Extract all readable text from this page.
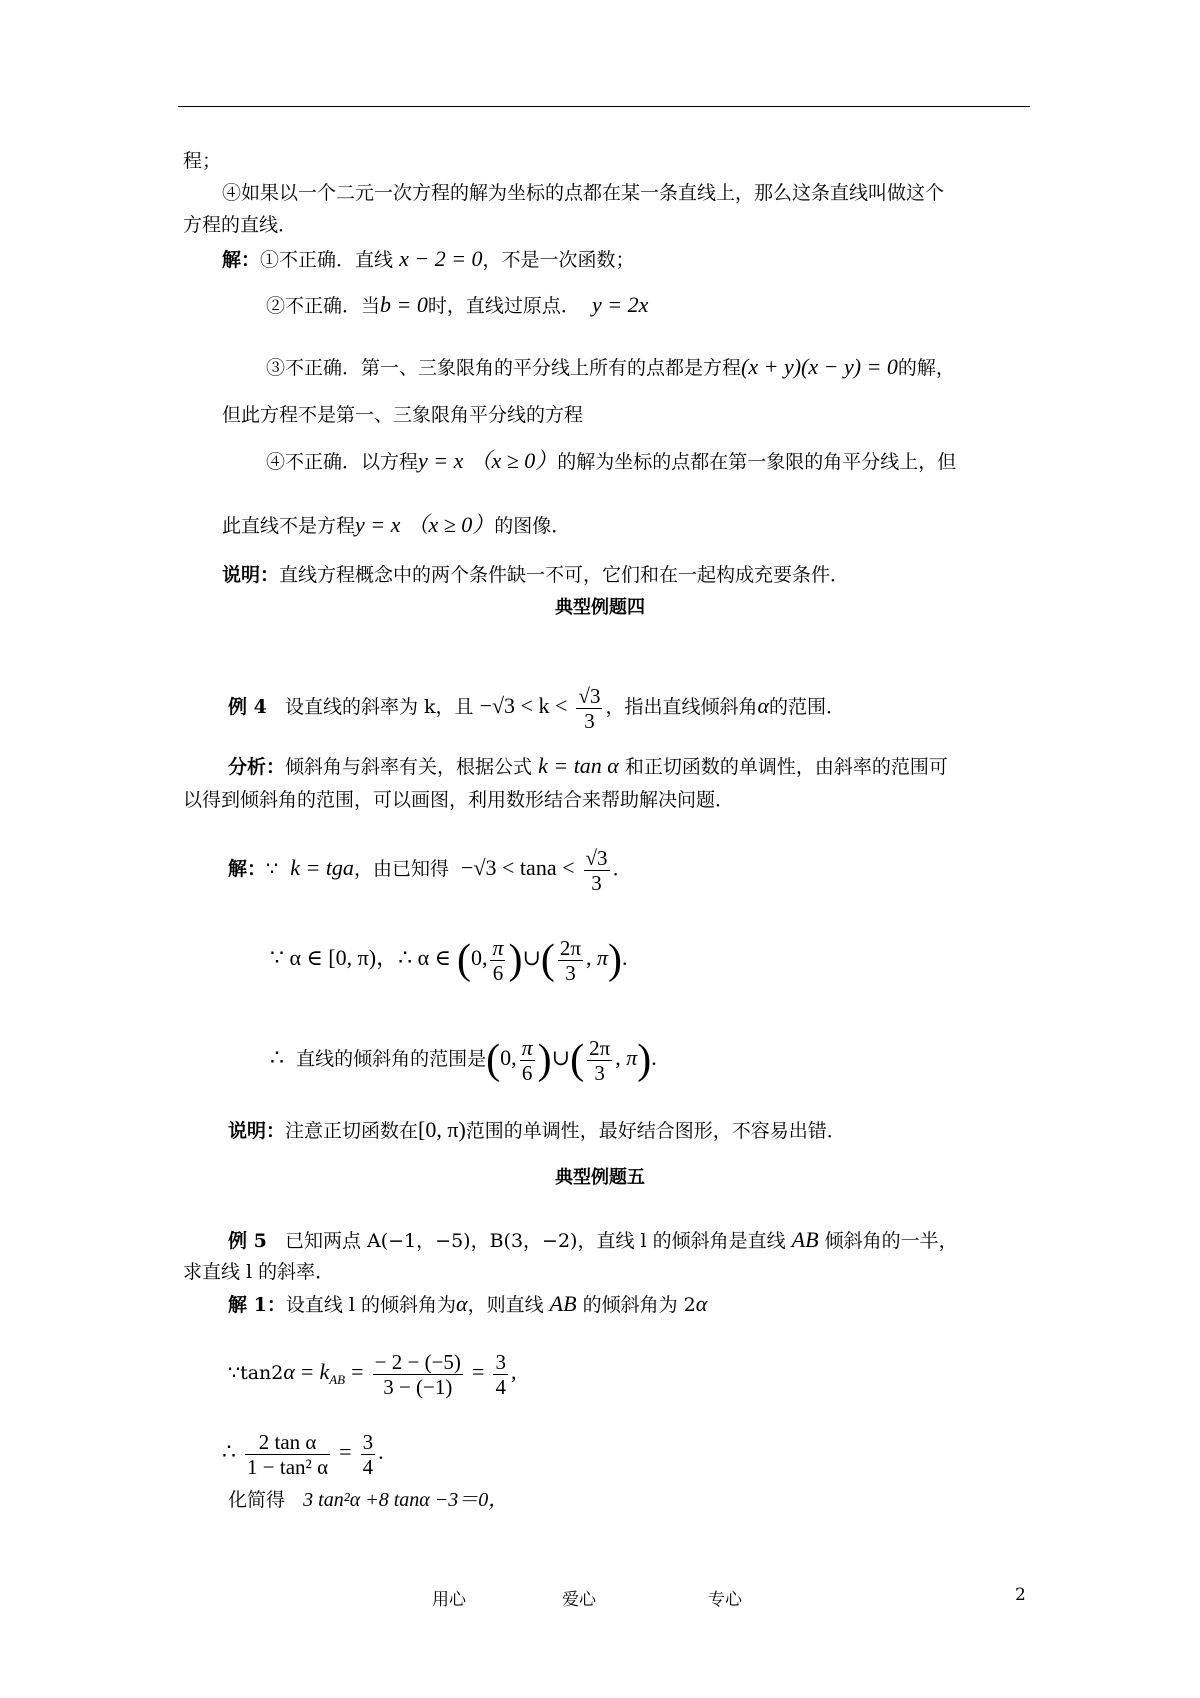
程；
④如果以一个二元一次方程的解为坐标的点都在某一条直线上，那么这条直线叫做这个
方程的直线．
解：①不正确．直线 x − 2 = 0，不是一次函数；
②不正确．当b = 0时，直线过原点． y = 2x
③不正确．第一、三象限角的平分线上所有的点都是方程(x + y)(x − y) = 0的解，
但此方程不是第一、三象限角平分线的方程
④不正确．以方程y = x （x ≥ 0）的解为坐标的点都在第一象限的角平分线上，但
此直线不是方程y = x （x ≥ 0）的图像．
说明：直线方程概念中的两个条件缺一不可，它们和在一起构成充要条件．
典型例题四
例 4 设直线的斜率为 k，且 $-√3 < k < \frac{√3}{3}$ ，指出直线倾斜角α的范围．
分析：倾斜角与斜率有关，根据公式 k = tan α 和正切函数的单调性，由斜率的范围可
以得到倾斜角的范围，可以画图，利用数形结合来帮助解决问题．
解：∵ k = tga，由已知得 $-√3 < \tan a < \frac{√3}{3}$ ．
∵ α ∈ [0, π)，∴ α ∈ (0, $\frac{\pi}{6}$ )∪( $\frac{2\pi}{3}$ , π).
∴ 直线的倾斜角的范围是(0, $\frac{\pi}{6}$ )∪( $\frac{2\pi}{3}$ , π).
说明：注意正切函数在[0, π)范围的单调性，最好结合图形，不容易出错．
典型例题五
例 5 已知两点 A(−1，−5)，B(3，−2)，直线 l 的倾斜角是直线 AB 倾斜角的一半，
求直线 l 的斜率．
解 1：设直线 l 的倾斜角为α，则直线 AB 的倾斜角为 2α
∵tan2α = $k_{AB} = \frac{- 2 - (-5)}{3 - (-1)} = \frac{3}{4}$ ,
∴ $\frac{\text{2 tan α}}{\text{1 − tan² α}} = \frac{3}{4}$ .
化简得 3 tan²α +8 tanα −3＝0，
用心	爱心	专心	2
